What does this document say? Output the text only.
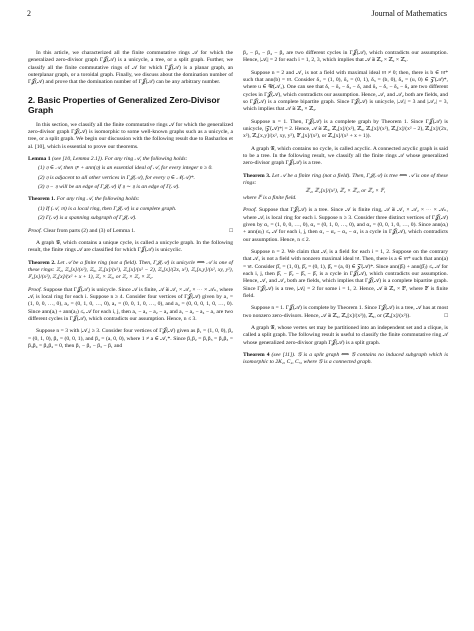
2	Journal of Mathematics

In this article, we characterized all the finite commutative rings 𝒜 for which the generalized zero-divisor graph Γ𝒥(𝒜) is a unicycle, a tree, or a split graph. Further, we classify all the finite commutative rings of 𝒜 for which Γ𝒥(𝒜) is a planar graph, an outerplanar graph, or a toroidal graph. Finally, we discuss about the domination number of Γ𝒥(𝒜) and prove that the domination number of Γ𝒥(𝒜) can be any arbitrary number.

2. Basic Properties of Generalized Zero-Divisor Graph

In this section, we classify all the finite commutative rings 𝒜 for which the generalized zero-divisor graph Γ𝒥(𝒜) is isomorphic to some well-known graphs such as a unicycle, a tree, or a split graph. We begin our discussion with the following result due to Basharlou et al. [10], which is essential to prove our theorems.

Lemma 1 (see [10, Lemma 2.1]). For any ring 𝒜, the following holds:
(1) 𝔶 ∈ 𝒜, then 𝔶ⁿ + ann(𝔶) is an essential ideal of 𝒜, for every integer n ≥ 0.
(2) 𝔶 is adjacent to all other vertices in Γ𝒥(𝒜), for every 𝔶 ∈ 𝒩(𝒜)*.
(3) 𝔶 − 𝔶 will be an edge of Γ𝒥(𝒜) if 𝔶 ∼ 𝔶 is an edge of Γ(𝒜).
Theorem 1. For any ring 𝒜, the following holds:
(1) If (𝒜, 𝔪) is a local ring, then Γ𝒥(𝒜) is a complete graph.
(2) Γ(𝒜) is a spanning subgraph of Γ𝒥(𝒜).

Proof. Clear from parts (2) and (3) of Lemma 1.	□

A graph 𝒢, which contains a unique cycle, is called a unicycle graph. In the following result, the finite rings 𝒜 are classified for which Γ𝒥(𝒜) is unicyclic.

Theorem 2. Let 𝒜 be a finite ring (not a field). Then, Γ𝒥(𝒜) is unicycle ⟺ 𝒜 is one of these rings: ℤ₄, ℤ₂[x]/(x²), ℤ₉, ℤ₃[x]/(x²), ℤ₄[x]/(x² − 2), ℤ₄[x]/(2x, x²), ℤ₂[x,y]/(x², xy, y²), 𝔽₄[x]/(x²), ℤ₄[x]/(x² + x + 1), ℤ₂ × ℤ₃, or ℤ₂ × ℤ₂ × ℤ₂.

Proof. Suppose that Γ𝒥(𝒜) is unicycle. Since 𝒜 is finite, 𝒜 ≅ 𝒜₁ × 𝒜₂ × ⋯ × 𝒜ₙ, where 𝒜ᵢ is local ring for each i. Suppose n ≥ 4. Consider four vertices of Γ𝒥(𝒜) given by a₁ = (1, 0, 0, …, 0), a₂ = (0, 1, 0, …, 0), a₃ = (0, 0, 1, 0, …, 0), and a₄ = (0, 0, 0, 1, 0, …, 0). Since ann(aᵢ) + ann(aⱼ) ≤ₑ 𝒜 for each i, j, then a₁ − a₃ − a₂ − a₄ and a₁ − a₂ − a₄ − a₁ are two different cycles in Γ𝒥(𝒜), which contradicts our assumption. Hence, n ≤ 3.

Suppose n = 3 with |𝒜₁| ≥ 3. Consider four vertices of Γ𝒥(𝒜) given as β₁ = (1, 0, 0), β₂ = (0, 1, 0), β₃ = (0, 0, 1), and β₄ = (a, 0, 0), where 1 ≠ a ∈ 𝒜₁*. Since β₁β₂ = β₁β₃ = β₂β₃ = β₃β₄ = β₂β₄ = 0, then β₁ − β₂ − β₃ − β₁ and

β₂ − β₃ − β₄ − β₂ are two different cycles in Γ𝒥(𝒜), which contradicts our assumption. Hence, |𝒜ᵢ| = 2 for each i = 1, 2, 3, which implies that 𝒜 ≅ ℤ₂ × ℤ₂ × ℤ₂.

Suppose n = 2 and 𝒜₁ is not a field with maximal ideal 𝔪 ≠ 0; then, there is b ∈ 𝔪* such that ann(b) = 𝔪. Consider δ₁ = (1, 0), δ₂ = (0, 1), δ₃ = (b, 0), δ₄ = (u, 0) ∈ 𝒵(𝒜)*, where u ∈ 𝒰(𝒜₁). One can see that δ₁ − δ₂ − δ₃ − δ₁ and δ₃ − δ₁ − δ₄ − δ₃ are two different cycles in Γ𝒥(𝒜), which contradicts our assumption. Hence, 𝒜₁ and 𝒜₂ both are fields, and so Γ𝒥(𝒜) is a complete bipartite graph. Since Γ𝒥(𝒜) is unicycle, |𝒜ᵢ| = 3 and |𝒜₂| = 3, which implies that 𝒜 ≅ ℤ₃ × ℤ₃.

Suppose n = 1. Then, Γ𝒥(𝒜) is a complete graph by Theorem 1. Since Γ𝒥(𝒜) is unicycle, |𝒵(𝒜)*| = 2. Hence, 𝒜 ≅ ℤ₄, ℤ₂[x]/(x²), ℤ₉, ℤ₃[x]/(x²), ℤ₄[x]/(x² − 2), ℤ₄[x]/(2x, x²), ℤ₂[x,y]/(x², xy, y²), 𝔽₄[x]/(x²), or ℤ₄[x]/(x² + x + 1)).

A graph 𝒢, which contains no cycle, is called acyclic. A connected acyclic graph is said to be a tree. In the following result, we classify all the finite rings 𝒜 whose generalized zero-divisor graph Γ𝒥(𝒜) is a tree.

Theorem 3. Let 𝒜 be a finite ring (not a field). Then, Γ𝒥(𝒜) is tree ⟺ 𝒜 is one of these rings:
ℤ₄, ℤ₂[x]/(x²), ℤ₂ × ℤ₂, or ℤ₂ × 𝔽,
where 𝔽 is a finite field.

Proof. Suppose that Γ𝒥(𝒜) is a tree. Since 𝒜 is finite ring, 𝒜 ≅ 𝒜₁ × 𝒜₂ × ⋯ × 𝒜ₙ, where 𝒜ᵢ is local ring for each i. Suppose n ≥ 3. Consider three distinct vertices of Γ𝒥(𝒜) given by α₁ = (1, 0, 0, …, 0), α₂ = (0, 1, 0, …, 0), and α₃ = (0, 0, 1, 0, …, 0). Since ann(αᵢ) + ann(αⱼ) ≤ₑ 𝒜 for each i, j, then α₁ − α₂ − α₃ − α₁ is a cycle in Γ𝒥(𝒜), which contradicts our assumption. Hence, n ≤ 2.

Suppose n = 2. We claim that 𝒜ᵢ is a field for each i = 1, 2. Suppose on the contrary that 𝒜₁ is not a field with nonzero maximal ideal 𝔪. Then, there is a ∈ 𝔪* such that ann(a) = 𝔪. Consider β̂₁ = (1, 0), β̂₂ = (0, 1), β̂₃ = (a, 0) ∈ 𝒵(𝒜)*. Since ann(β̂ᵢ) + ann(β̂ⱼ) ≤ₑ 𝒜 for each i, j, then β̂₁ − β̂₂ − β̂₃ − β̂₁ is a cycle in Γ𝒥(𝒜), which contradicts our assumption. Hence, 𝒜₁ and 𝒜₂ both are fields, which implies that Γ𝒥(𝒜) is a complete bipartite graph. Since Γ𝒥(𝒜) is a tree, |𝒜ᵢ| = 2 for some i = 1, 2. Hence, 𝒜 ≅ ℤ₂ × 𝔽, where 𝔽 is finite field.

Suppose n = 1. Γ𝒥(𝒜) is complete by Theorem 1. Since Γ𝒥(𝒜) is a tree, 𝒜 has at most two nonzero zero-divisors. Hence, 𝒜 ≅ ℤ₄, ℤ₂[x]/(x²)), ℤ₉, or (ℤ₃[x]/(x²)).	□

A graph 𝒢, whose vertex set may be partitioned into an independent set and a clique, is called a split graph. The following result is useful to classify the finite commutative ring 𝒜 whose generalized zero-divisor graph Γ𝒥(𝒜) is a split graph.

Theorem 4 (see [11]). 𝒢 is a split graph ⟺ 𝒢 contains no induced subgraph which is isomorphic to 2K₂, C₄, C₅, where 𝒢 is a connected graph.
